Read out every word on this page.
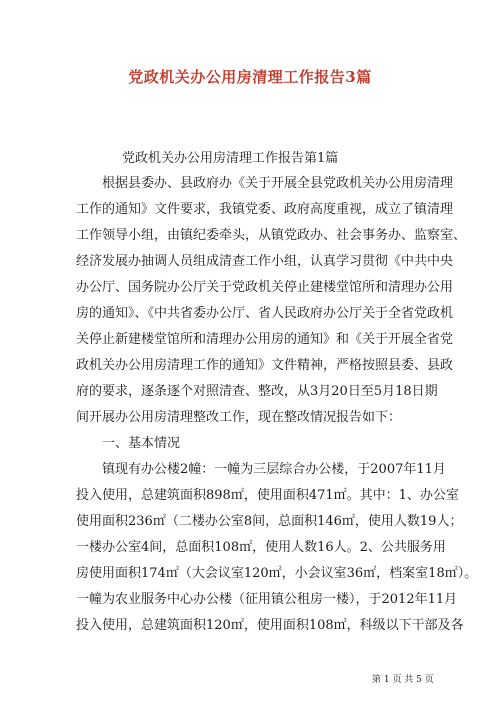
党政机关办公用房清理工作报告3篇

党政机关办公用房清理工作报告第1篇

根据县委办、县政府办《关于开展全县党政机关办公用房清理

工作的通知》文件要求，我镇党委、政府高度重视，成立了镇清理

工作领导小组，由镇纪委牵头，从镇党政办、社会事务办、监察室、

经济发展办抽调人员组成清查工作小组，认真学习贯彻《中共中央

办公厅、国务院办公厅关于党政机关停止建楼堂馆所和清理办公用

房的通知》、《中共省委办公厅、省人民政府办公厅关于全省党政机

关停止新建楼堂馆所和清理办公用房的通知》和《关于开展全省党

政机关办公用房清理工作的通知》文件精神，严格按照县委、县政

府的要求，逐条逐个对照清查、整改，从3月20日至5月18日期

间开展办公用房清理整改工作，现在整改情况报告如下：

一、基本情况

镇现有办公楼2幢：一幢为三层综合办公楼，于2007年11月

投入使用，总建筑面积898㎡，使用面积471㎡。其中：1、办公室

使用面积236㎡（二楼办公室8间，总面积146㎡，使用人数19人；

一楼办公室4间，总面积108㎡，使用人数16人。2、公共服务用

房使用面积174㎡（大会议室120㎡，小会议室36㎡，档案室18㎡）。

一幢为农业服务中心办公楼（征用镇公租房一楼），于2012年11月

投入使用，总建筑面积120㎡，使用面积108㎡，科级以下干部及各

第 1 页 共 5 页
